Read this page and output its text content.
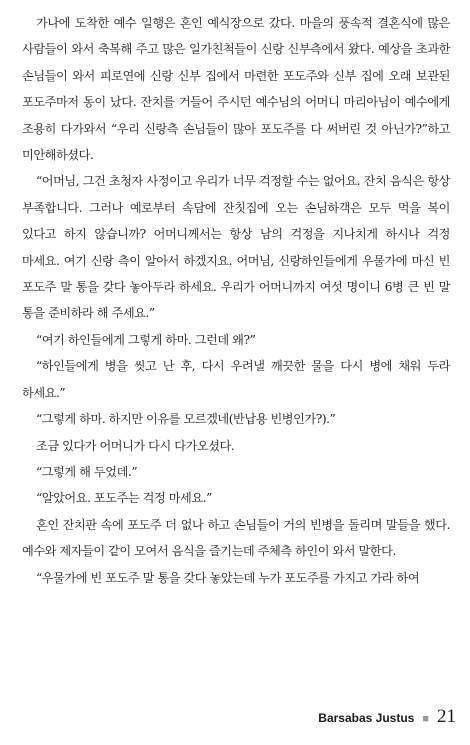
가나에 도착한 예수 일행은 혼인 예식장으로 갔다. 마을의 풍속적 결혼식에 많은 사람들이 와서 축복해 주고 많은 일가친척들이 신랑 신부측에서 왔다. 예상을 초과한 손님들이 와서 피로연에 신랑 신부 집에서 마련한 포도주와 신부 집에 오래 보관된 포도주마저 동이 났다. 잔치를 거들어 주시던 예수님의 어머니 마리아님이 예수에게 조용히 다가와서 “우리 신랑측 손님들이 많아 포도주를 다 써버린 것 아닌가?”하고 미안해하셨다.

“어머님, 그건 초청자 사정이고 우리가 너무 걱정할 수는 없어요. 잔치 음식은 항상 부족합니다. 그러나 예로부터 속담에 잔칫집에 오는 손님하객은 모두 먹을 복이 있다고 하지 않습니까? 어머니께서는 항상 남의 걱정을 지나치게 하시나 걱정 마세요. 여기 신랑 측이 알아서 하겠지요. 어머님, 신랑하인들에게 우물가에 마신 빈 포도주 말 통을 갖다 놓아두라 하세요. 우리가 어머니까지 여섯 명이니 6병 큰 빈 말 통을 준비하라 해 주세요.”

“여기 하인들에게 그렇게 하마. 그런데 왜?”

“하인들에게 병을 씻고 난 후, 다시 우려낼 깨끗한 물을 다시 병에 채워 두라 하세요.”

“그렇게 하마. 하지만 이유를 모르겠네(반납용 빈병인가?).”

조금 있다가 어머니가 다시 다가오셨다.

“그렇게 해 두었데.”

“알았어요. 포도주는 걱정 마세요.”

혼인 잔치판 속에 포도주 더 없나 하고 손님들이 거의 빈병을 돌리며 말들을 했다. 예수와 제자들이 같이 모여서 음식을 즐기는데 주체측 하인이 와서 말한다.

“우물가에 빈 포도주 말 통을 갖다 놓았는데 누가 포도주를 가지고 가라 하여

Barsabas Justus ■ 21
